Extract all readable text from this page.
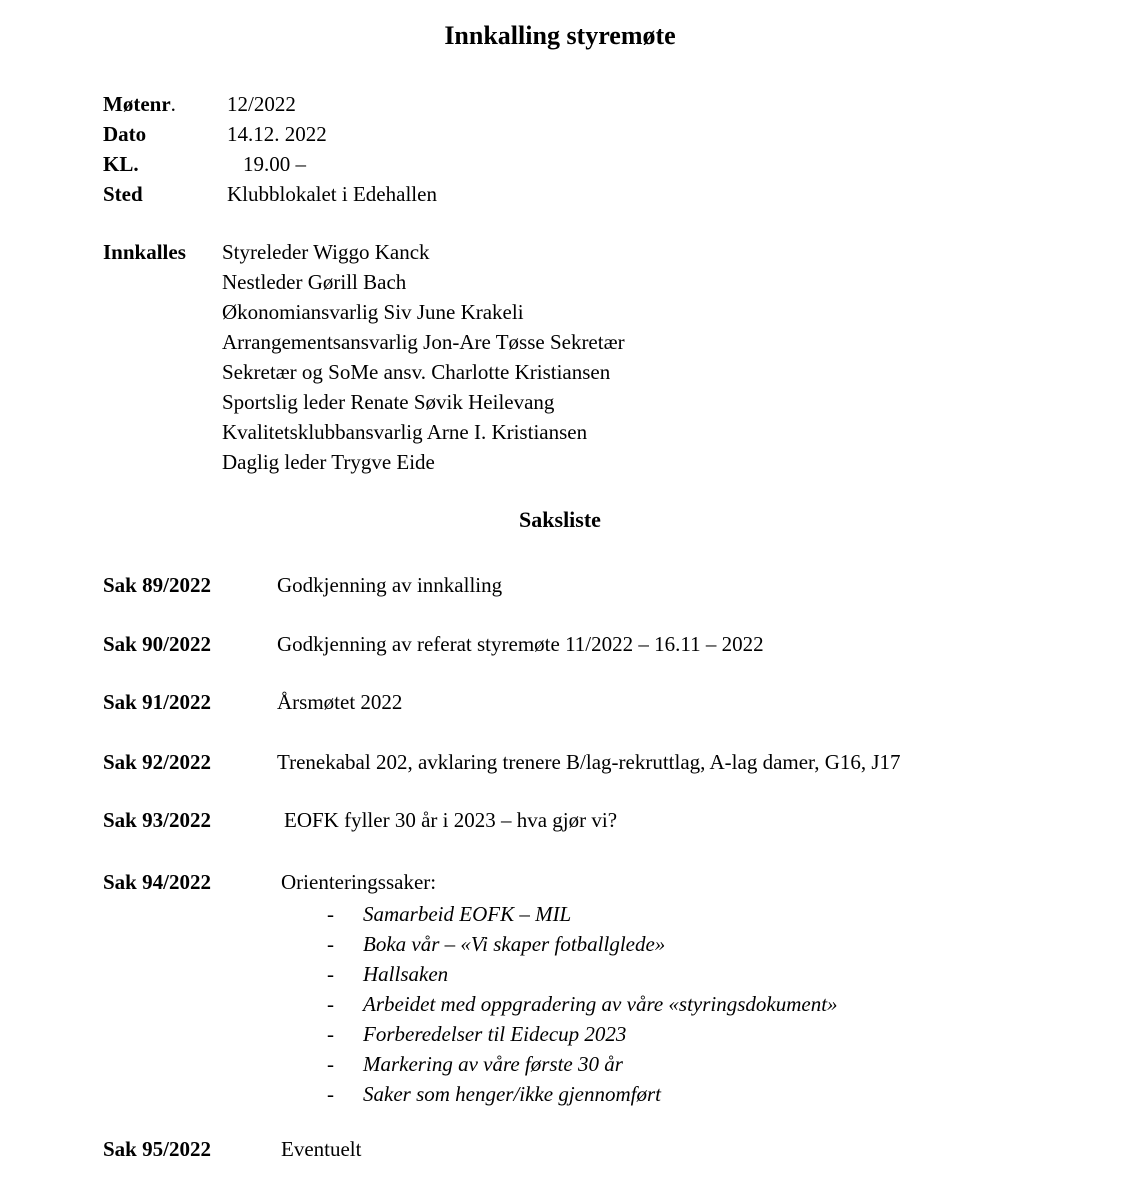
Innkalling styremøte
Møtenr.	12/2022
Dato	14.12. 2022
KL.	19.00 –
Sted	Klubblokalet i Edehallen
Innkalles	Styreleder Wiggo Kanck
Nestleder Gørill Bach
Økonomiansvarlig Siv June Krakeli
Arrangementsansvarlig Jon-Are Tøsse Sekretær
Sekretær og SoMe ansv. Charlotte Kristiansen
Sportslig leder Renate Søvik Heilevang
Kvalitetsklubbansvarlig Arne I. Kristiansen
Daglig leder Trygve Eide
Saksliste
Sak 89/2022	Godkjenning av innkalling
Sak 90/2022	Godkjenning av referat styremøte 11/2022 – 16.11 – 2022
Sak 91/2022	Årsmøtet 2022
Sak 92/2022	Trenekabal 202, avklaring trenere B/lag-rekruttlag, A-lag damer, G16, J17
Sak 93/2022	EOFK fyller 30 år i 2023 – hva gjør vi?
Sak 94/2022	Orienteringssaker:
-	Samarbeid EOFK – MIL
-	Boka vår – «Vi skaper fotballglede»
-	Hallsaken
-	Arbeidet med oppgradering av våre «styringsdokument»
-	Forberedelser til Eidecup 2023
-	Markering av våre første 30 år
-	Saker som henger/ikke gjennomført
Sak 95/2022	Eventuelt
